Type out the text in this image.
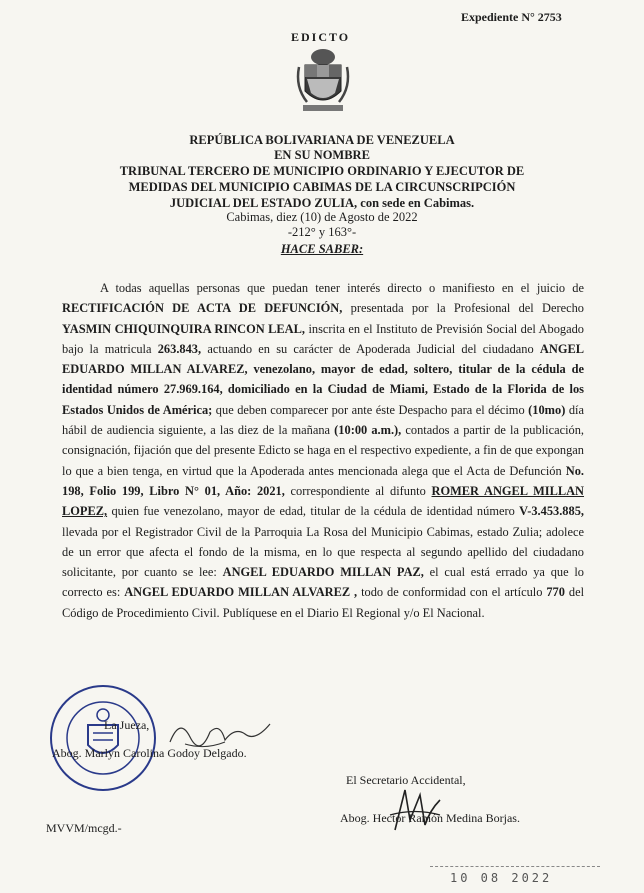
Expediente N° 2753
EDICTO
REPÚBLICA BOLIVARIANA DE VENEZUELA
EN SU NOMBRE
TRIBUNAL TERCERO DE MUNICIPIO ORDINARIO Y EJECUTOR DE
MEDIDAS DEL MUNICIPIO CABIMAS DE LA CIRCUNSCRIPCIÓN
JUDICIAL DEL ESTADO ZULIA, con sede en Cabimas.
Cabimas, diez (10) de Agosto de 2022
-212° y 163°-
HACE SABER:

A todas aquellas personas que puedan tener interés directo o manifiesto en el juicio de RECTIFICACIÓN DE ACTA DE DEFUNCIÓN, presentada por la Profesional del Derecho YASMIN CHIQUINQUIRA RINCON LEAL, inscrita en el Instituto de Previsión Social del Abogado bajo la matricula 263.843, actuando en su carácter de Apoderada Judicial del ciudadano ANGEL EDUARDO MILLAN ALVAREZ, venezolano, mayor de edad, soltero, titular de la cédula de identidad número 27.969.164, domiciliado en la Ciudad de Miami, Estado de la Florida de los Estados Unidos de América; que deben comparecer por ante éste Despacho para el décimo (10mo) día hábil de audiencia siguiente, a las diez de la mañana (10:00 a.m.), contados a partir de la publicación, consignación, fijación que del presente Edicto se haga en el respectivo expediente, a fin de que expongan lo que a bien tenga, en virtud que la Apoderada antes mencionada alega que el Acta de Defunción No. 198, Folio 199, Libro N° 01, Año: 2021, correspondiente al difunto ROMER ANGEL MILLAN LOPEZ, quien fue venezolano, mayor de edad, titular de la cédula de identidad número V-3.453.885, llevada por el Registrador Civil de la Parroquia La Rosa del Municipio Cabimas, estado Zulia; adolece de un error que afecta el fondo de la misma, en lo que respecta al segundo apellido del ciudadano solicitante, por cuanto se lee: ANGEL EDUARDO MILLAN PAZ, el cual está errado ya que lo correcto es: ANGEL EDUARDO MILLAN ALVAREZ , todo de conformidad con el artículo 770 del Código de Procedimiento Civil. Publíquese en el Diario El Regional y/o El Nacional.

La Jueza,
Abog. Marlyn Carolina Godoy Delgado.
El Secretario Accidental,
Abog. Hector Ramón Medina Borjas.
MVVM/mcgd.-
10 08 2022
